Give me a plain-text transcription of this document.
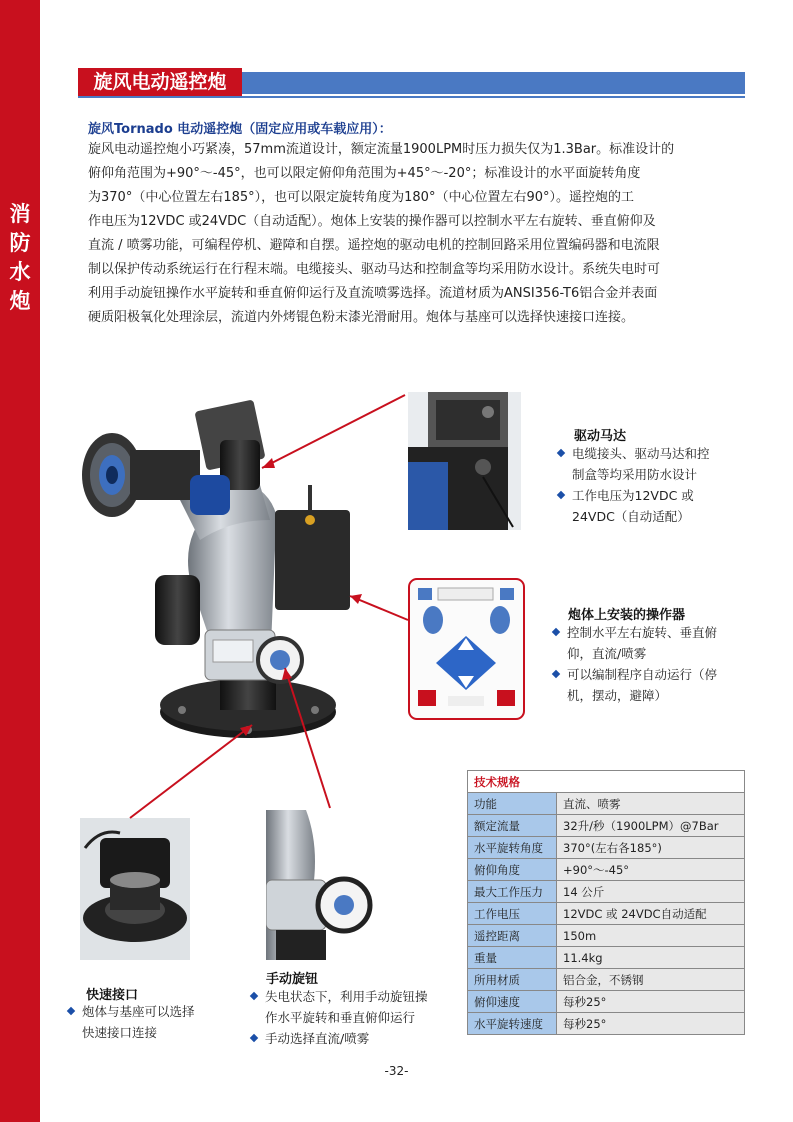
消
防
水
炮
旋风电动遥控炮
旋风Tornado 电动遥控炮（固定应用或车载应用）：
旋风电动遥控炮小巧紧凑，57mm流道设计，额定流量1900LPM时压力损失仅为1.3Bar。标准设计的
俯仰角范围为+90°～-45°，也可以限定俯仰角范围为+45°～-20°；标准设计的水平面旋转角度
为370°（中心位置左右185°），也可以限定旋转角度为180°（中心位置左右90°）。遥控炮的工
作电压为12VDC 或24VDC（自动适配）。炮体上安装的操作器可以控制水平左右旋转、垂直俯仰及
直流 / 喷雾功能，可编程停机、避障和自摆。遥控炮的驱动电机的控制回路采用位置编码器和电流限
制以保护传动系统运行在行程末端。电缆接头、驱动马达和控制盒等均采用防水设计。系统失电时可
利用手动旋钮操作水平旋转和垂直俯仰运行及直流喷雾选择。流道材质为ANSI356-T6铝合金并表面
硬质阳极氧化处理涂层，流道内外烤锟色粉末漆光滑耐用。炮体与基座可以选择快速接口连接。
驱动马达
电缆接头、驱动马达和控
制盒等均采用防水设计
工作电压为12VDC 或
24VDC（自动适配）
炮体上安装的操作器
控制水平左右旋转、垂直俯
仰，直流/喷雾
可以编制程序自动运行（停
机，摆动，避障）
快速接口
炮体与基座可以选择
快速接口连接
手动旋钮
失电状态下，利用手动旋钮操
作水平旋转和垂直俯仰运行
手动选择直流/喷雾
技术规格	
功能	直流、喷雾
额定流量	32升/秒（1900LPM）@7Bar
水平旋转角度	370°(左右各185°)
俯仰角度	+90°～-45°
最大工作压力	14 公斤
工作电压	12VDC 或 24VDC自动适配
遥控距离	150m
重量	11.4kg
所用材质	铝合金，不锈钢
俯仰速度	每秒25°
水平旋转速度	每秒25°
-32-
